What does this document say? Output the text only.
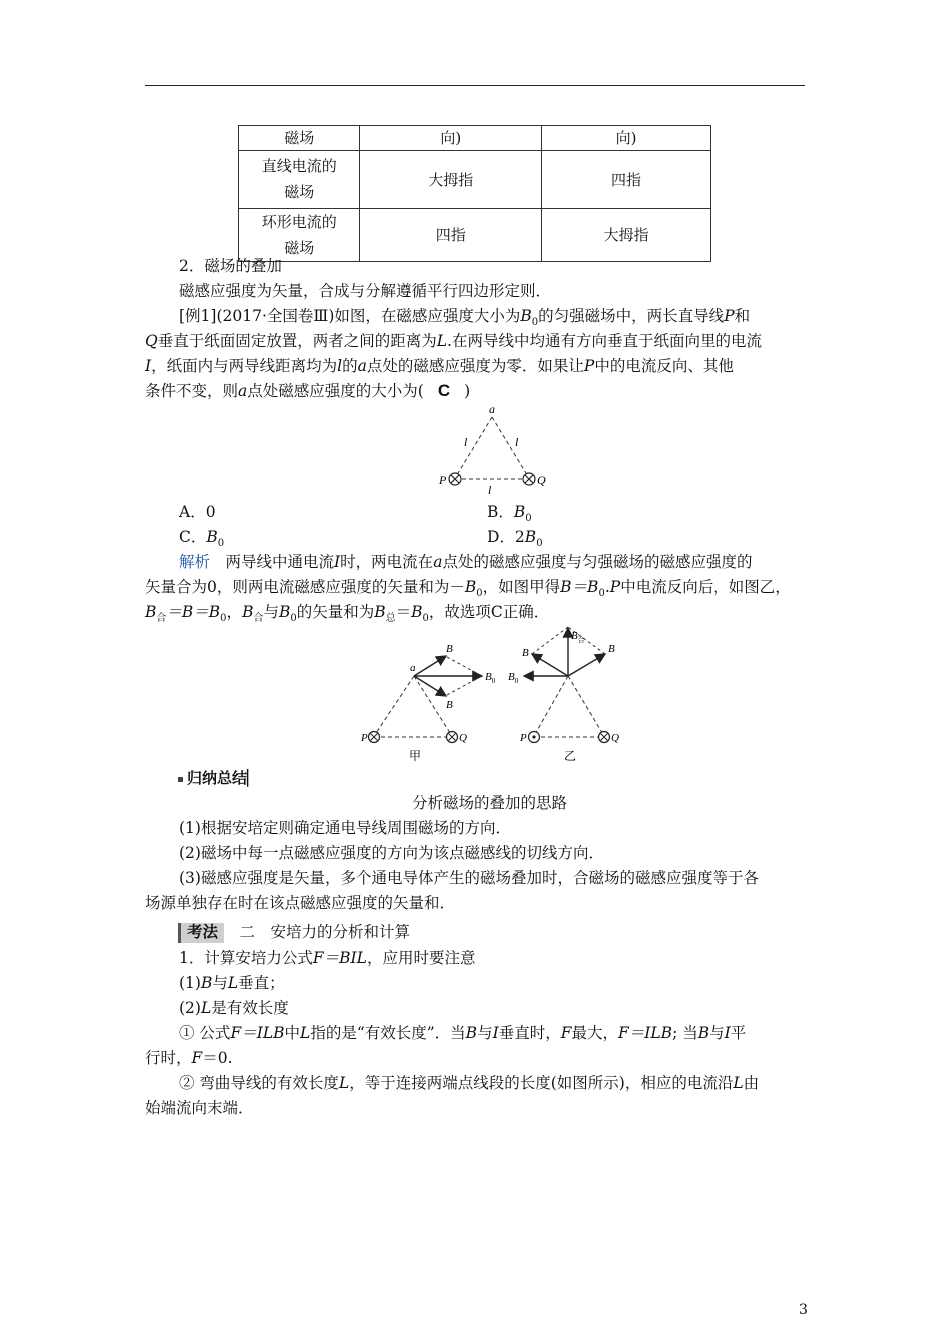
磁场	向)	向)
直线电流的
磁场	大拇指	四指
环形电流的
磁场	四指	大拇指
2．磁场的叠加
磁感应强度为矢量，合成与分解遵循平行四边形定则．
[例1](2017·全国卷Ⅲ)如图，在磁感应强度大小为$B_0$的匀强磁场中，两长直导线P和
Q垂直于纸面固定放置，两者之间的距离为L.在两导线中均通有方向垂直于纸面向里的电流
I，纸面内与两导线距离均为l的a点处的磁感应强度为零．如果让P中的电流反向、其他
条件不变，则a点处磁感应强度的大小为( C )
a
l	l
l
P	Q
A．0	B．$B_0$
C．$B_0$	D．$2B_0$
解析　 两导线中通电流I时，两电流在a点处的磁感应强度与匀强磁场的磁感应强度的
矢量合为0，则两电流磁感应强度的矢量和为$-B_0$，如图甲得$B=B_0.P$中电流反向后，如图乙，
$B_合=B=B_0$，$B_合$与$B_0$的矢量和为$B_总=B_0$，故选项C正确．
a
B
B
$B_0$
P	Q
甲
$B_合$
B	B
$B_0$
P	Q
乙
归纳总结▏
分析磁场的叠加的思路
(1)根据安培定则确定通电导线周围磁场的方向．
(2)磁场中每一点磁感应强度的方向为该点磁感线的切线方向．
(3)磁感应强度是矢量，多个通电导体产生的磁场叠加时，合磁场的磁感应强度等于各
场源单独存在时在该点磁感应强度的矢量和．
考法　 二　安培力的分析和计算
1．计算安培力公式F＝BIL，应用时要注意
(1)B与L垂直；
(2)L是有效长度
① 公式F＝ILB中L指的是“有效长度”．当B与I垂直时，F最大，F＝ILB; 当B与I平
行时，F＝0.
② 弯曲导线的有效长度L，等于连接两端点线段的长度(如图所示)，相应的电流沿L由
始端流向末端．
3
